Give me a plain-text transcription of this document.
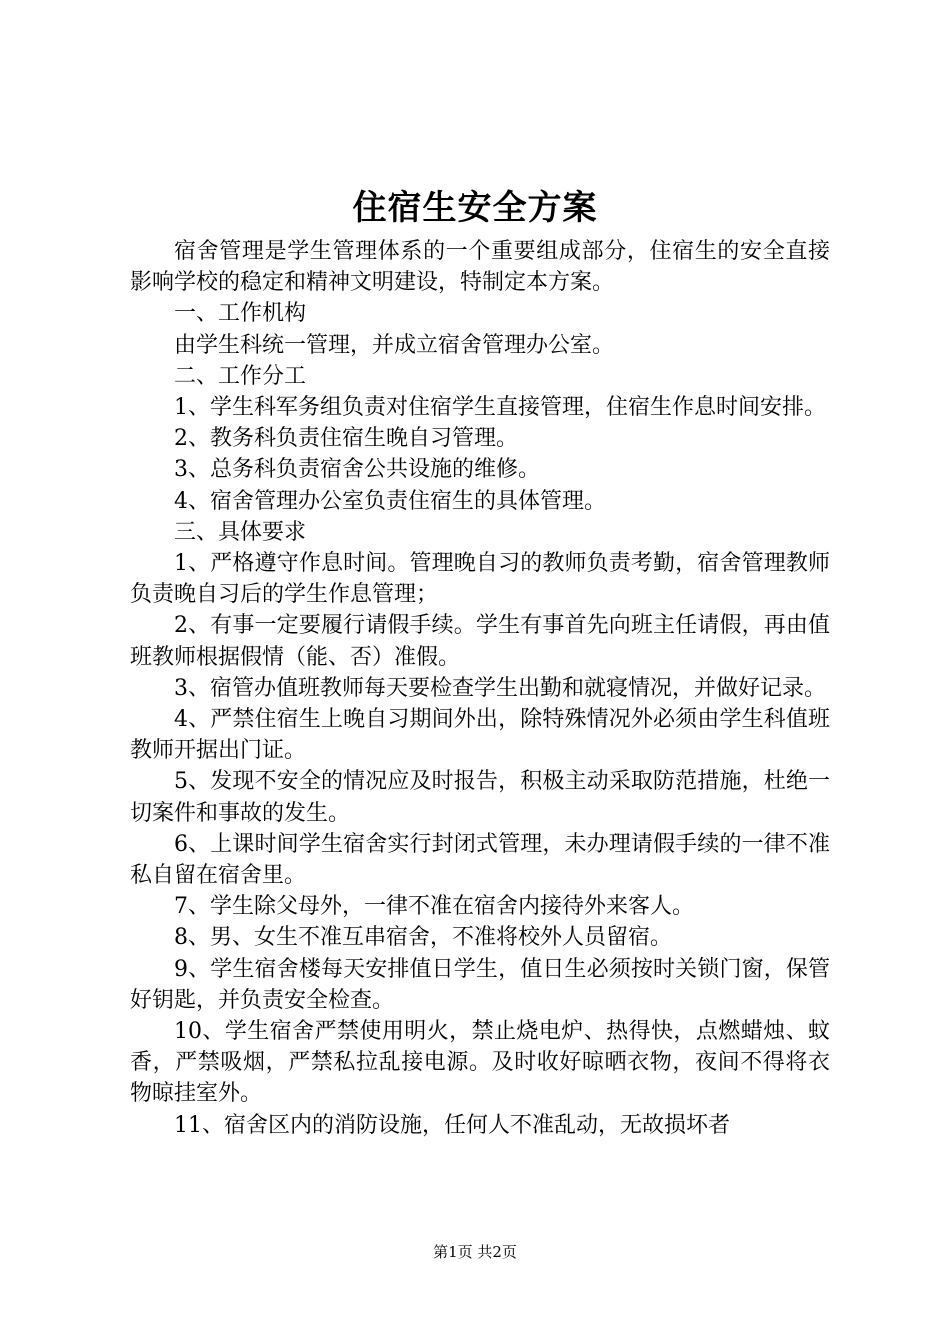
住宿生安全方案

宿舍管理是学生管理体系的一个重要组成部分，住宿生的安全直接影响学校的稳定和精神文明建设，特制定本方案。

一、工作机构

由学生科统一管理，并成立宿舍管理办公室。

二、工作分工

1、学生科军务组负责对住宿学生直接管理，住宿生作息时间安排。

2、教务科负责住宿生晚自习管理。

3、总务科负责宿舍公共设施的维修。

4、宿舍管理办公室负责住宿生的具体管理。

三、具体要求

1、严格遵守作息时间。管理晚自习的教师负责考勤，宿舍管理教师负责晚自习后的学生作息管理；

2、有事一定要履行请假手续。学生有事首先向班主任请假，再由值班教师根据假情（能、否）准假。

3、宿管办值班教师每天要检查学生出勤和就寝情况，并做好记录。

4、严禁住宿生上晚自习期间外出，除特殊情况外必须由学生科值班教师开据出门证。

5、发现不安全的情况应及时报告，积极主动采取防范措施，杜绝一切案件和事故的发生。

6、上课时间学生宿舍实行封闭式管理，未办理请假手续的一律不准私自留在宿舍里。

7、学生除父母外，一律不准在宿舍内接待外来客人。

8、男、女生不准互串宿舍，不准将校外人员留宿。

9、学生宿舍楼每天安排值日学生，值日生必须按时关锁门窗，保管好钥匙，并负责安全检查。

10、学生宿舍严禁使用明火，禁止烧电炉、热得快，点燃蜡烛、蚊香，严禁吸烟，严禁私拉乱接电源。及时收好晾晒衣物，夜间不得将衣物晾挂室外。

11、宿舍区内的消防设施，任何人不准乱动，无故损坏者

第1页 共2页
